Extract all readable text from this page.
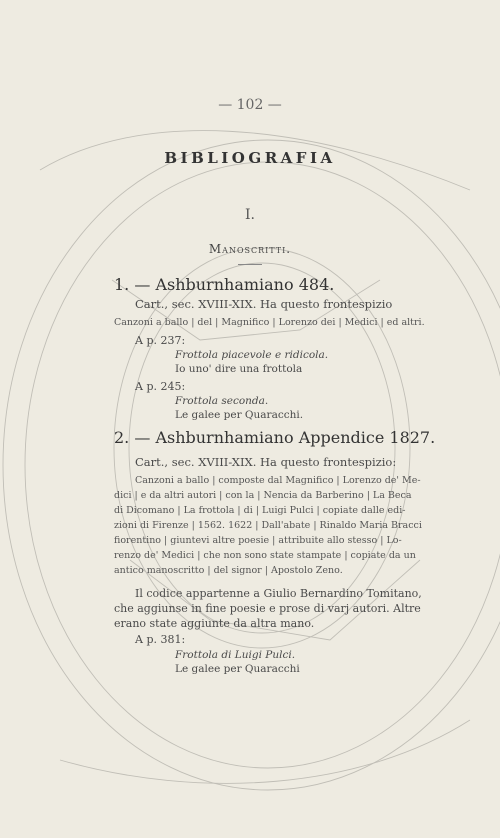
— 102 —
BIBLIOGRAFIA
I.
Manoscritti.
1. — Ashburnhamiano 484.
Cart., sec. XVIII-XIX. Ha questo frontespizio
Canzoni a ballo | del | Magnifico | Lorenzo dei | Medici | ed altri.
A p. 237:
Frottola piacevole e ridicola.
Io uno' dire una frottola
A p. 245:
Frottola seconda.
Le galee per Quaracchi.
2. — Ashburnhamiano Appendice 1827.
Cart., sec. XVIII-XIX. Ha questo frontespizio:
Canzoni a ballo | composte dal Magnifico | Lorenzo de' Me-
dici | e da altri autori | con la | Nencia da Barberino | La Beca
di Dicomano | La frottola | di | Luigi Pulci | copiate dalle edi-
zioni di Firenze | 1562. 1622 | Dall'abate | Rinaldo Maria Bracci
fiorentino | giuntevi altre poesie | attribuite allo stesso | Lo-
renzo de' Medici | che non sono state stampate | copiate da un
antico manoscritto | del signor | Apostolo Zeno.
Il codice appartenne a Giulio Bernardino Tomitano,
che aggiunse in fine poesie e prose di varj autori. Altre
erano state aggiunte da altra mano.
A p. 381:
Frottola di Luigi Pulci.
Le galee per Quaracchi
